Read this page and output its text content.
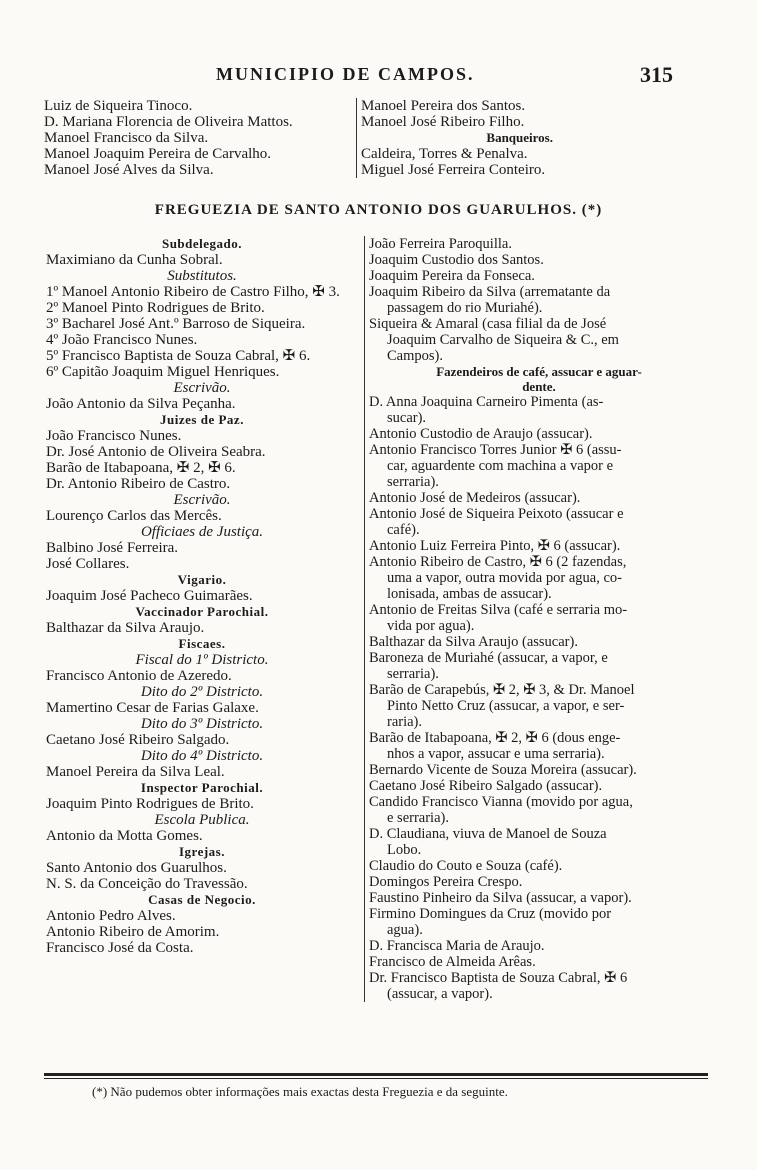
MUNICIPIO DE CAMPOS.	315
Luiz de Siqueira Tinoco.
D. Mariana Florencia de Oliveira Mattos.
Manoel Francisco da Silva.
Manoel Joaquim Pereira de Carvalho.
Manoel José Alves da Silva.
Manoel Pereira dos Santos.
Manoel José Ribeiro Filho.
Banqueiros.
Caldeira, Torres & Penalva.
Miguel José Ferreira Conteiro.
FREGUEZIA DE SANTO ANTONIO DOS GUARULHOS. (*)
Subdelegado.
Maximiano da Cunha Sobral.
Substitutos.
1º Manoel Antonio Ribeiro de Castro Filho, ✠ 3.
2º Manoel Pinto Rodrigues de Brito.
3º Bacharel José Ant.º Barroso de Siqueira.
4º João Francisco Nunes.
5º Francisco Baptista de Souza Cabral, ✠ 6.
6º Capitão Joaquim Miguel Henriques.
Escrivão.
João Antonio da Silva Peçanha.
Juizes de Paz.
João Francisco Nunes.
Dr. José Antonio de Oliveira Seabra.
Barão de Itabapoana, ✠ 2, ✠ 6.
Dr. Antonio Ribeiro de Castro.
Escrivão.
Lourenço Carlos das Mercês.
Officiaes de Justiça.
Balbino José Ferreira.
José Collares.
Vigario.
Joaquim José Pacheco Guimarães.
Vaccinador Parochial.
Balthazar da Silva Araujo.
Fiscaes.
Fiscal do 1º Districto.
Francisco Antonio de Azeredo.
Dito do 2º Districto.
Mamertino Cesar de Farias Galaxe.
Dito do 3º Districto.
Caetano José Ribeiro Salgado.
Dito do 4º Districto.
Manoel Pereira da Silva Leal.
Inspector Parochial.
Joaquim Pinto Rodrigues de Brito.
Escola Publica.
Antonio da Motta Gomes.
Igrejas.
Santo Antonio dos Guarulhos.
N. S. da Conceição do Travessão.
Casas de Negocio.
Antonio Pedro Alves.
Antonio Ribeiro de Amorim.
Francisco José da Costa.
João Ferreira Paroquilla.
Joaquim Custodio dos Santos.
Joaquim Pereira da Fonseca.
Joaquim Ribeiro da Silva (arrematante da
passagem do rio Muriahé).
Siqueira & Amaral (casa filial da de José
Joaquim Carvalho de Siqueira & C., em
Campos).
Fazendeiros de café, assucar e aguar-
dente.
D. Anna Joaquina Carneiro Pimenta (as-
sucar).
Antonio Custodio de Araujo (assucar).
Antonio Francisco Torres Junior ✠ 6 (assu-
car, aguardente com machina a vapor e
serraria).
Antonio José de Medeiros (assucar).
Antonio José de Siqueira Peixoto (assucar e
café).
Antonio Luiz Ferreira Pinto, ✠ 6 (assucar).
Antonio Ribeiro de Castro, ✠ 6 (2 fazendas,
uma a vapor, outra movida por agua, co-
lonisada, ambas de assucar).
Antonio de Freitas Silva (café e serraria mo-
vida por agua).
Balthazar da Silva Araujo (assucar).
Baroneza de Muriahé (assucar, a vapor, e
serraria).
Barão de Carapebús, ✠ 2, ✠ 3, & Dr. Manoel
Pinto Netto Cruz (assucar, a vapor, e ser-
raria).
Barão de Itabapoana, ✠ 2, ✠ 6 (dous enge-
nhos a vapor, assucar e uma serraria).
Bernardo Vicente de Souza Moreira (assucar).
Caetano José Ribeiro Salgado (assucar).
Candido Francisco Vianna (movido por agua,
e serraria).
D. Claudiana, viuva de Manoel de Souza
Lobo.
Claudio do Couto e Souza (café).
Domingos Pereira Crespo.
Faustino Pinheiro da Silva (assucar, a vapor).
Firmino Domingues da Cruz (movido por
agua).
D. Francisca Maria de Araujo.
Francisco de Almeida Arêas.
Dr. Francisco Baptista de Souza Cabral, ✠ 6
(assucar, a vapor).
(*) Não pudemos obter informações mais exactas desta Freguezia e da seguinte.
